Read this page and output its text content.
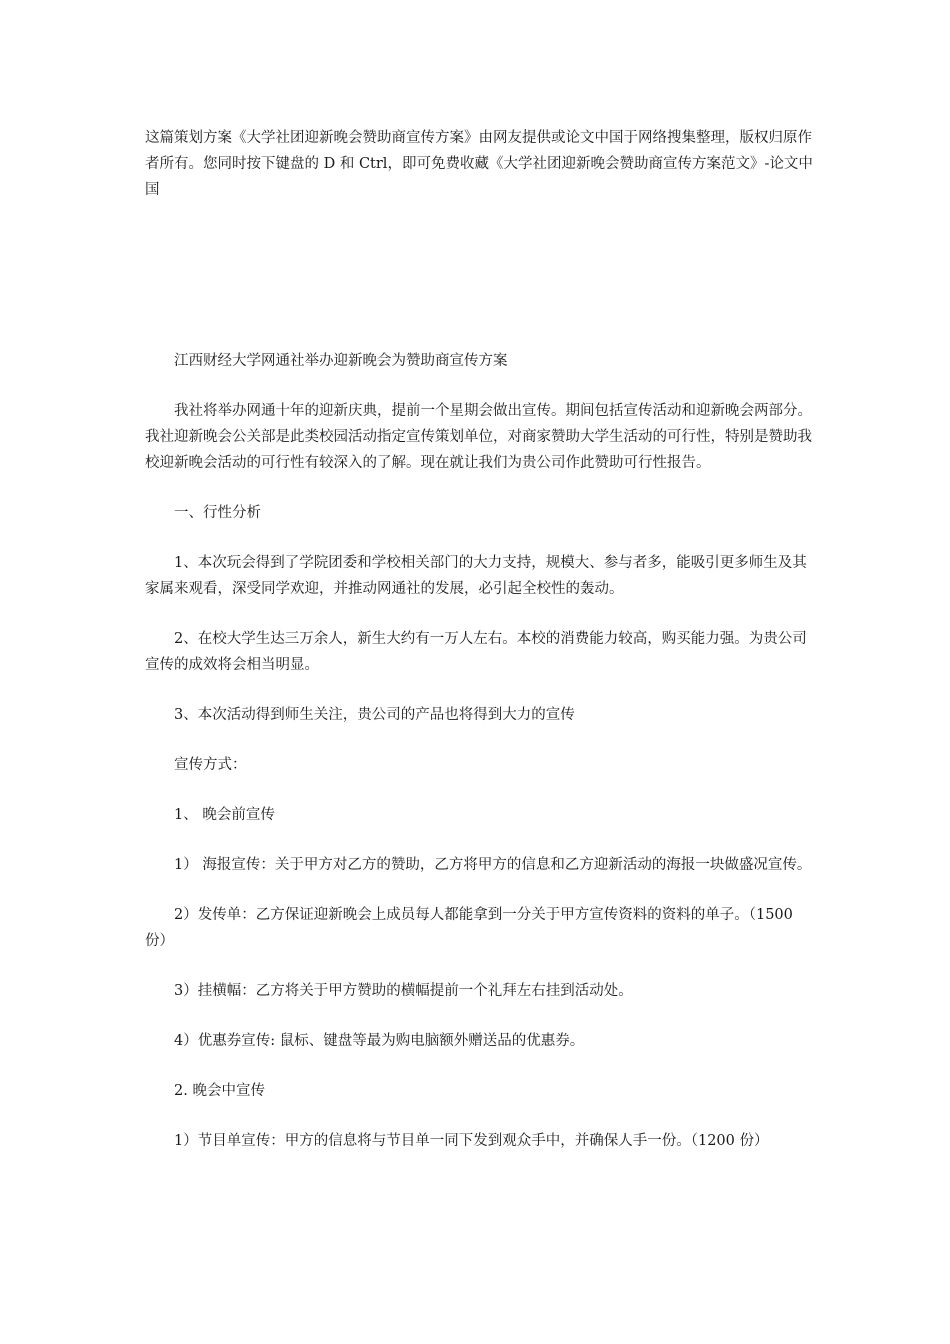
这篇策划方案《大学社团迎新晚会赞助商宣传方案》由网友提供或论文中国于网络搜集整理，版权归原作者所有。您同时按下键盘的 D 和 Ctrl，即可免费收藏《大学社团迎新晚会赞助商宣传方案范文》-论文中国

江西财经大学网通社举办迎新晚会为赞助商宣传方案

我社将举办网通十年的迎新庆典，提前一个星期会做出宣传。期间包括宣传活动和迎新晚会两部分。我社迎新晚会公关部是此类校园活动指定宣传策划单位，对商家赞助大学生活动的可行性，特别是赞助我校迎新晚会活动的可行性有较深入的了解。现在就让我们为贵公司作此赞助可行性报告。

一、行性分析

1、本次玩会得到了学院团委和学校相关部门的大力支持，规模大、参与者多，能吸引更多师生及其家属来观看，深受同学欢迎，并推动网通社的发展，必引起全校性的轰动。

2、在校大学生达三万余人，新生大约有一万人左右。本校的消费能力较高，购买能力强。为贵公司宣传的成效将会相当明显。

3、本次活动得到师生关注，贵公司的产品也将得到大力的宣传

宣传方式：

1、 晚会前宣传

1） 海报宣传：关于甲方对乙方的赞助，乙方将甲方的信息和乙方迎新活动的海报一块做盛况宣传。

2）发传单：乙方保证迎新晚会上成员每人都能拿到一分关于甲方宣传资料的资料的单子。（1500 份）

3）挂横幅：乙方将关于甲方赞助的横幅提前一个礼拜左右挂到活动处。

4）优惠券宣传: 鼠标、键盘等最为购电脑额外赠送品的优惠券。

2. 晚会中宣传

1）节目单宣传：甲方的信息将与节目单一同下发到观众手中，并确保人手一份。（1200 份）
